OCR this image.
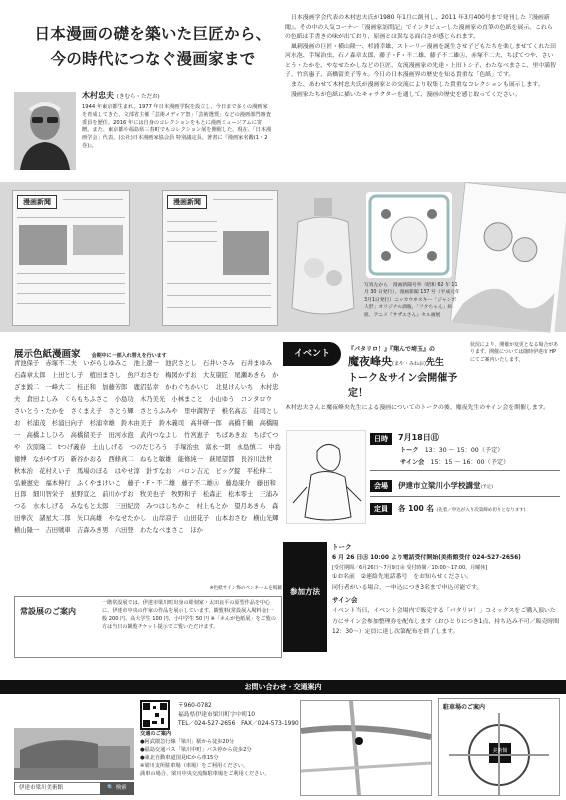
日本漫画の礎を築いた巨匠から、
今の時代につなぐ漫画家まで
木村忠夫 (きむら・ただお)
1944 年東京都生まれ。1977 年日本漫画学院を設立し、今日まで多くの漫画家を育成してきた。文部省主催「芸術メディア祭」「芸術選奨」などの漫画部門審査委員を歴任。2016 年には自身のコレクションをもとに漫画ミュージアムに寄贈。また、東京都や福島県三春町でもコレクション展を開催した。現在、「日本漫画学会」代表。(公社)日本漫画家協会員 特別議定長。著書に『漫画家名鑑(1・2巻)』。

日本漫画学会代表の木村忠夫氏が1980 年1月に創刊し、2011 年3月400号まで発刊した『漫画新聞』。その中の人気コーナー「漫画家訪問記」でインタビューした漫画家の直筆の色紙を展示。これらの色紙は手書きの味が出ており、原画とは異なる面白さが感じられます。

風刺漫画の巨匠・横山隆一、杉浦幸雄、ストーリー漫画を誕生させ子どもたちを楽しませてくれた田河水泡、手塚治虫、石ノ森章太郎、藤子・F・不二雄、藤子不二雄Ⓐ、赤塚不二夫、ちばてつや、さいとう・たかを、やなせたかしなどの巨匠、女流漫画家の先達・上田トシ子、わたなべまさこ、里中満智子、竹宮惠子、高橋留美子等々。今日の日本漫画界の歴史を知る貴重な「色紙」です。

また、あわせて木村忠夫氏が漫画家との交流により収集した貴重なコレクションも展示します。

漫画家たちが色紙に描いたキャラクターを通して、漫画の歴史を感じ取ってください。

漫画新聞	漫画新聞
写真左から　漫画新聞号外（昭和 62 年 11 月 30 日発行）、漫画新聞 137 号（平成元年3月1日発行）ニッカウヰスキー「ジャンボ人形」オリジナル酒瓶、「フクちゃん」絵皿、アニメ『サザエさん』セル画展
展示色紙漫画家 会期中に一部入れ替えを行います
青池保子　赤塚不二夫　いがらしゆみこ　池上遼一　池沢さとし　石井いさみ　石井まゆみ　石森章太郎　上田とし子　植田まさし　魚戸おさむ　梅図かずお　大友康匠　尾瀬あきら　かざま鋭二　一峰大二　桂正和　加藤芳郎　鹿沼弘幸　かわぐちかいじ　北見けんいち　木村忠夫　倉田よしみ　くらもちふさこ　小島功　木乃美光　小林まこと　小山ゆう　コンタロウ　さいとう・たかを　さくまえ子　さとう輝　さとうふみや　里中満智子　椎名高志　荘司としお　杉浦茂　杉浦日向子　杉浦幸雄　鈴木由美子　鈴木義司　高井研一郎　高橋千鶴　高橋陽一　高橋よしひろ　高橋留美子　田河水泡　武内つなよし　竹宮恵子　ちばあきお　ちばてつや　次原隆二　tつげ義春　土山しげる　つのだじろう　手塚治虫　富永一朗　永島慎二　中島徳博　ながやす巧　新谷かおる　西條真二　ねもと敏雄　能條純一　萩尾望都　長谷川法世　秋本治　花村えい子　馬場のぼる　はやせ淳　針すなお　バロン吉元　ビッグ錠　平松伸二　弘兼憲史　福本伸行　ふくやまけいこ　藤子・F・不二雄　藤子不二雄Ⓐ　藤島康介　藤田和日郎　細川智栄子　星野宣之　前川かずお　牧美也子　牧野和子　松森正　松本零士　三浦みつる　水木しげる　みなもと太郎　三田紀房　みつはしちかこ　村上もとか　望月あきら　森田拳次　諸星大二郎　矢口高雄　やなせたかし　山岸凉子　山田花子　山本おさむ　横山光輝　横山隆一　吉田戦車　吉森みき男　六田登　わたなべまさこ　ほか
※色紙サイン怖のペンネームを掲載
常設展のご案内
一階常設展では、伊達市梁川町出身の彫刻家・太田良平の原型作品を中心に、伊達市中央の作家の作品を展示しています。観覧料(常設展入場料金)一般 200 円、高大学生 100 円、小中学生 50 円 ※「ネんが色紙展」をご覧の方は当日の観覧チケット提示でご覧いただけます。
イベント	『パタリロ！』『翔んで埼玉』の
魔夜峰央(まや・みねお)先生
トーク＆サイン会開催予定！
状況により、開催が変更となる場合があります。開催については随時伊達市 HP にてご案内いたします。
木村忠夫さんと魔夜峰央先生による漫画についてのトークの後、魔夜先生のサイン会を開催します。
日時	7月18日㊐
トーク　 13：30 ～ 15：00（予定）
サイン会　 15：15 ～ 16：00（予定）
会場	伊達市立梁川小学校講堂(予定)
定員	各 100 名 (先着／申込が入り次第締め切りとなります)
参加方法
トーク
6 月 26 日㊏ 10:00 より電話受付開始(美術館受付 024-527-2656)
[受付期間／6月26日～7月9日㊎ 受付時間／10:00～17:00、月曜休]
①お名前　②連絡先電話番号　をお知らせください。
同行者がいる場合、一申込につき3名まで申込可能です。
サイン会
イベント当日、イベント会場内で販売する「パタリロ！」コミックスをご購入頂いた方にサイン会参加整理券を配布します（おひとりにつき1点、持ち込み不可／販売時間 12：30～）定員に達し次第配布を終了します。
お問い合わせ・交通案内
〒960-0782
福島県伊達市梁川町字中町10
TEL／024-527-2656　FAX／024-573-1990
伊達市梁川美術館	🔍 検索
交通のご案内
●阿武隈急行線「梁川」駅から徒歩20分
●福島交通バス「梁川中町」バス停から徒歩2分
●東北自動車道国見ICから車15分
※梁川支所駐車場（車場）をご利用ください。
満車の場合、梁川中央交流館駐車場をご利用ください。
駐車場のご案内
美術館
